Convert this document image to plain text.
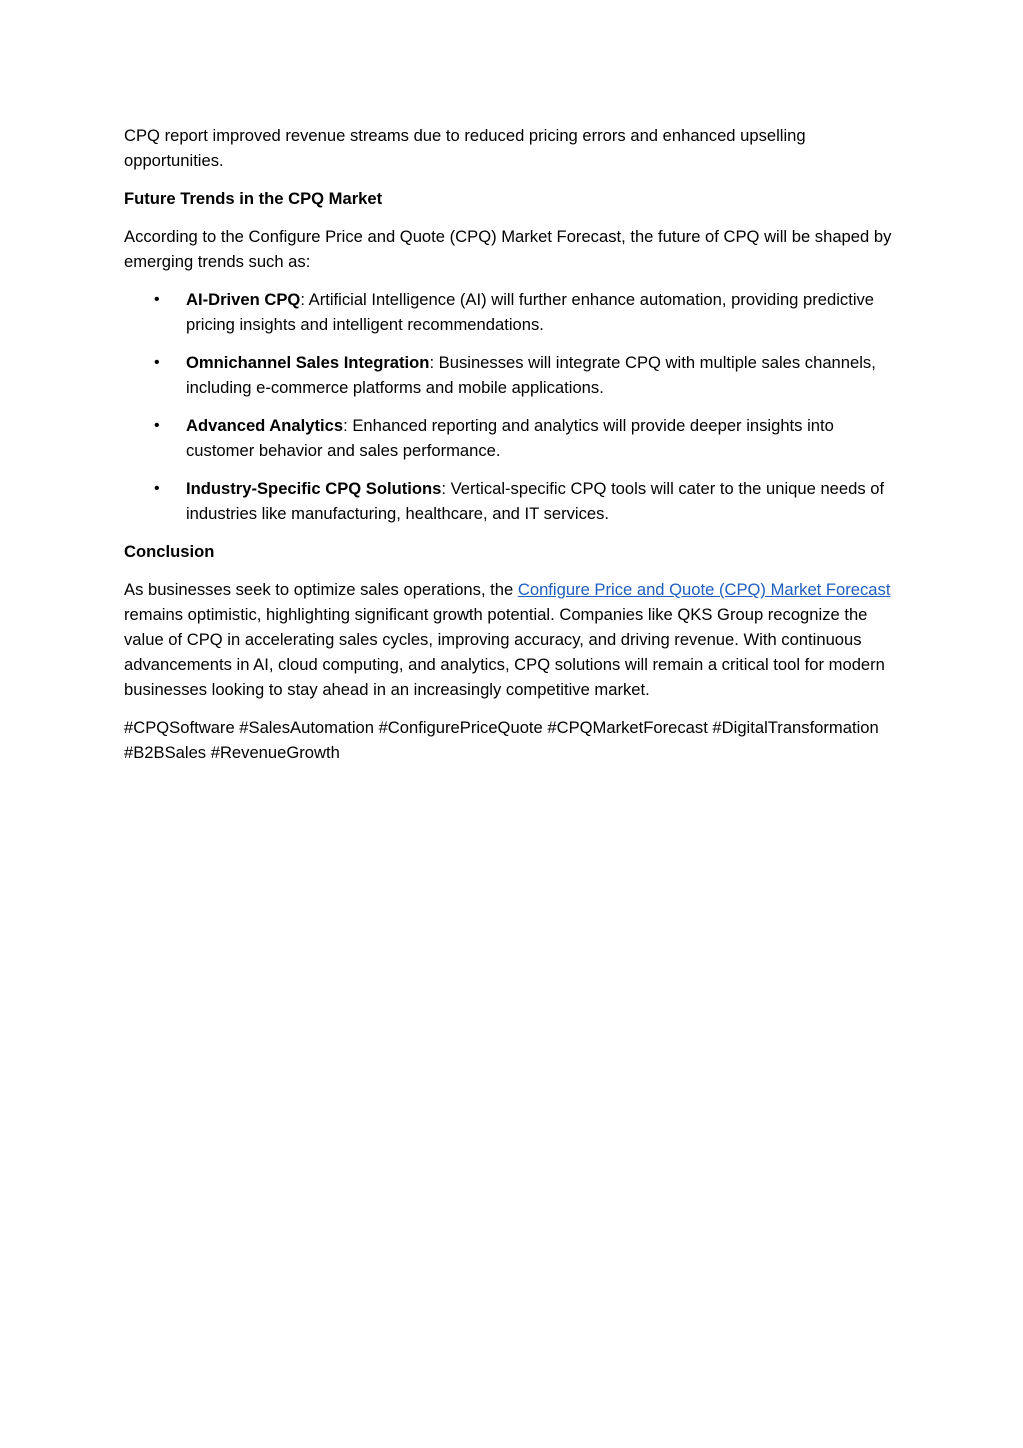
CPQ report improved revenue streams due to reduced pricing errors and enhanced upselling opportunities.

Future Trends in the CPQ Market

According to the Configure Price and Quote (CPQ) Market Forecast, the future of CPQ will be shaped by emerging trends such as:

• AI-Driven CPQ: Artificial Intelligence (AI) will further enhance automation, providing predictive pricing insights and intelligent recommendations.
• Omnichannel Sales Integration: Businesses will integrate CPQ with multiple sales channels, including e-commerce platforms and mobile applications.
• Advanced Analytics: Enhanced reporting and analytics will provide deeper insights into customer behavior and sales performance.
• Industry-Specific CPQ Solutions: Vertical-specific CPQ tools will cater to the unique needs of industries like manufacturing, healthcare, and IT services.

Conclusion

As businesses seek to optimize sales operations, the Configure Price and Quote (CPQ) Market Forecast remains optimistic, highlighting significant growth potential. Companies like QKS Group recognize the value of CPQ in accelerating sales cycles, improving accuracy, and driving revenue. With continuous advancements in AI, cloud computing, and analytics, CPQ solutions will remain a critical tool for modern businesses looking to stay ahead in an increasingly competitive market.

#CPQSoftware #SalesAutomation #ConfigurePriceQuote #CPQMarketForecast #DigitalTransformation #B2BSales #RevenueGrowth
